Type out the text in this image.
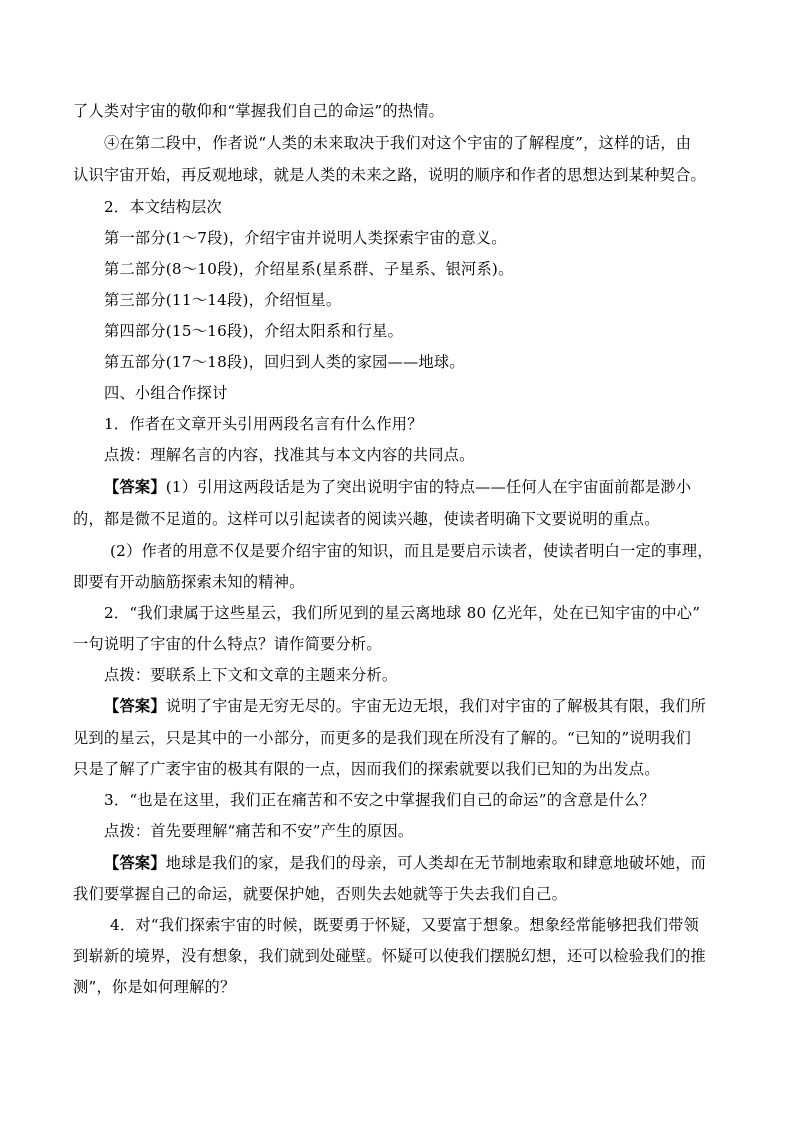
了人类对宇宙的敬仰和“掌握我们自己的命运”的热情。

④在第二段中，作者说“人类的未来取决于我们对这个宇宙的了解程度”，这样的话，由

认识宇宙开始，再反观地球，就是人类的未来之路，说明的顺序和作者的思想达到某种契合。

2．本文结构层次

第一部分(1～7段)，介绍宇宙并说明人类探索宇宙的意义。

第二部分(8～10段)，介绍星系(星系群、子星系、银河系)。

第三部分(11～14段)，介绍恒星。

第四部分(15～16段)，介绍太阳系和行星。

第五部分(17～18段)，回归到人类的家园——地球。

四、小组合作探讨

1．作者在文章开头引用两段名言有什么作用？

点拨：理解名言的内容，找准其与本文内容的共同点。

【答案】(1）引用这两段话是为了突出说明宇宙的特点——任何人在宇宙面前都是渺小

的，都是微不足道的。这样可以引起读者的阅读兴趣，使读者明确下文要说明的重点。

(2）作者的用意不仅是要介绍宇宙的知识，而且是要启示读者，使读者明白一定的事理，

即要有开动脑筋探索未知的精神。

2．“我们隶属于这些星云，我们所见到的星云离地球 80 亿光年，处在已知宇宙的中心”

一句说明了宇宙的什么特点？请作简要分析。

点拨：要联系上下文和文章的主题来分析。

【答案】说明了宇宙是无穷无尽的。宇宙无边无垠，我们对宇宙的了解极其有限，我们所

见到的星云，只是其中的一小部分，而更多的是我们现在所没有了解的。“已知的”说明我们

只是了解了广袤宇宙的极其有限的一点，因而我们的探索就要以我们已知的为出发点。

3．“也是在这里，我们正在痛苦和不安之中掌握我们自己的命运”的含意是什么？

点拨：首先要理解“痛苦和不安”产生的原因。

【答案】地球是我们的家，是我们的母亲，可人类却在无节制地索取和肆意地破坏她，而

我们要掌握自己的命运，就要保护她，否则失去她就等于失去我们自己。

4．对“我们探索宇宙的时候，既要勇于怀疑，又要富于想象。想象经常能够把我们带领

到崭新的境界，没有想象，我们就到处碰壁。怀疑可以使我们摆脱幻想，还可以检验我们的推

测”，你是如何理解的？
